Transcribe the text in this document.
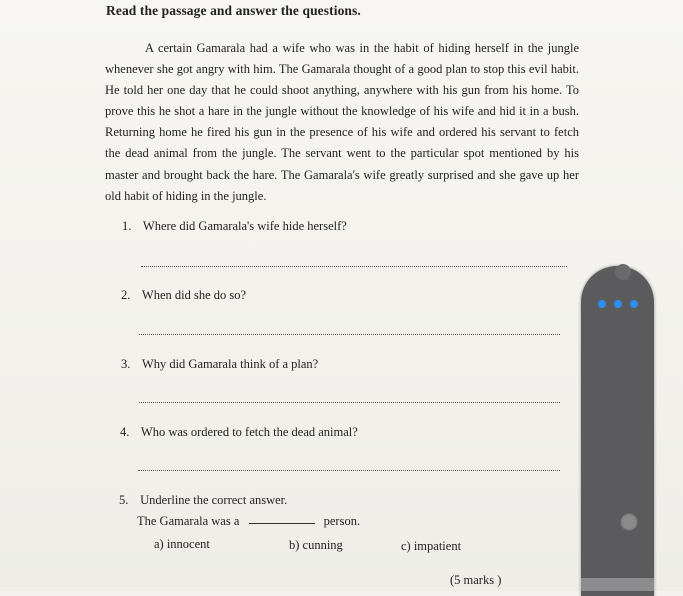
Read the passage and answer the questions.
A certain Gamarala had a wife who was in the habit of hiding herself in the jungle whenever she got angry with him. The Gamarala thought of a good plan to stop this evil habit. He told her one day that he could shoot anything, anywhere with his gun from his home. To prove this he shot a hare in the jungle without the knowledge of his wife and hid it in a bush. Returning home he fired his gun in the presence of his wife and ordered his servant to fetch the dead animal from the jungle. The servant went to the particular spot mentioned by his master and brought back the hare. The Gamarala's wife greatly surprised and she gave up her old habit of hiding in the jungle.
1. Where did Gamarala's wife hide herself?
2. When did she do so?
3. Why did Gamarala think of a plan?
4. Who was ordered to fetch the dead animal?
5. Underline the correct answer.
The Gamarala was a	person.
a) innocent	b) cunning	c) impatient
(5 marks )
